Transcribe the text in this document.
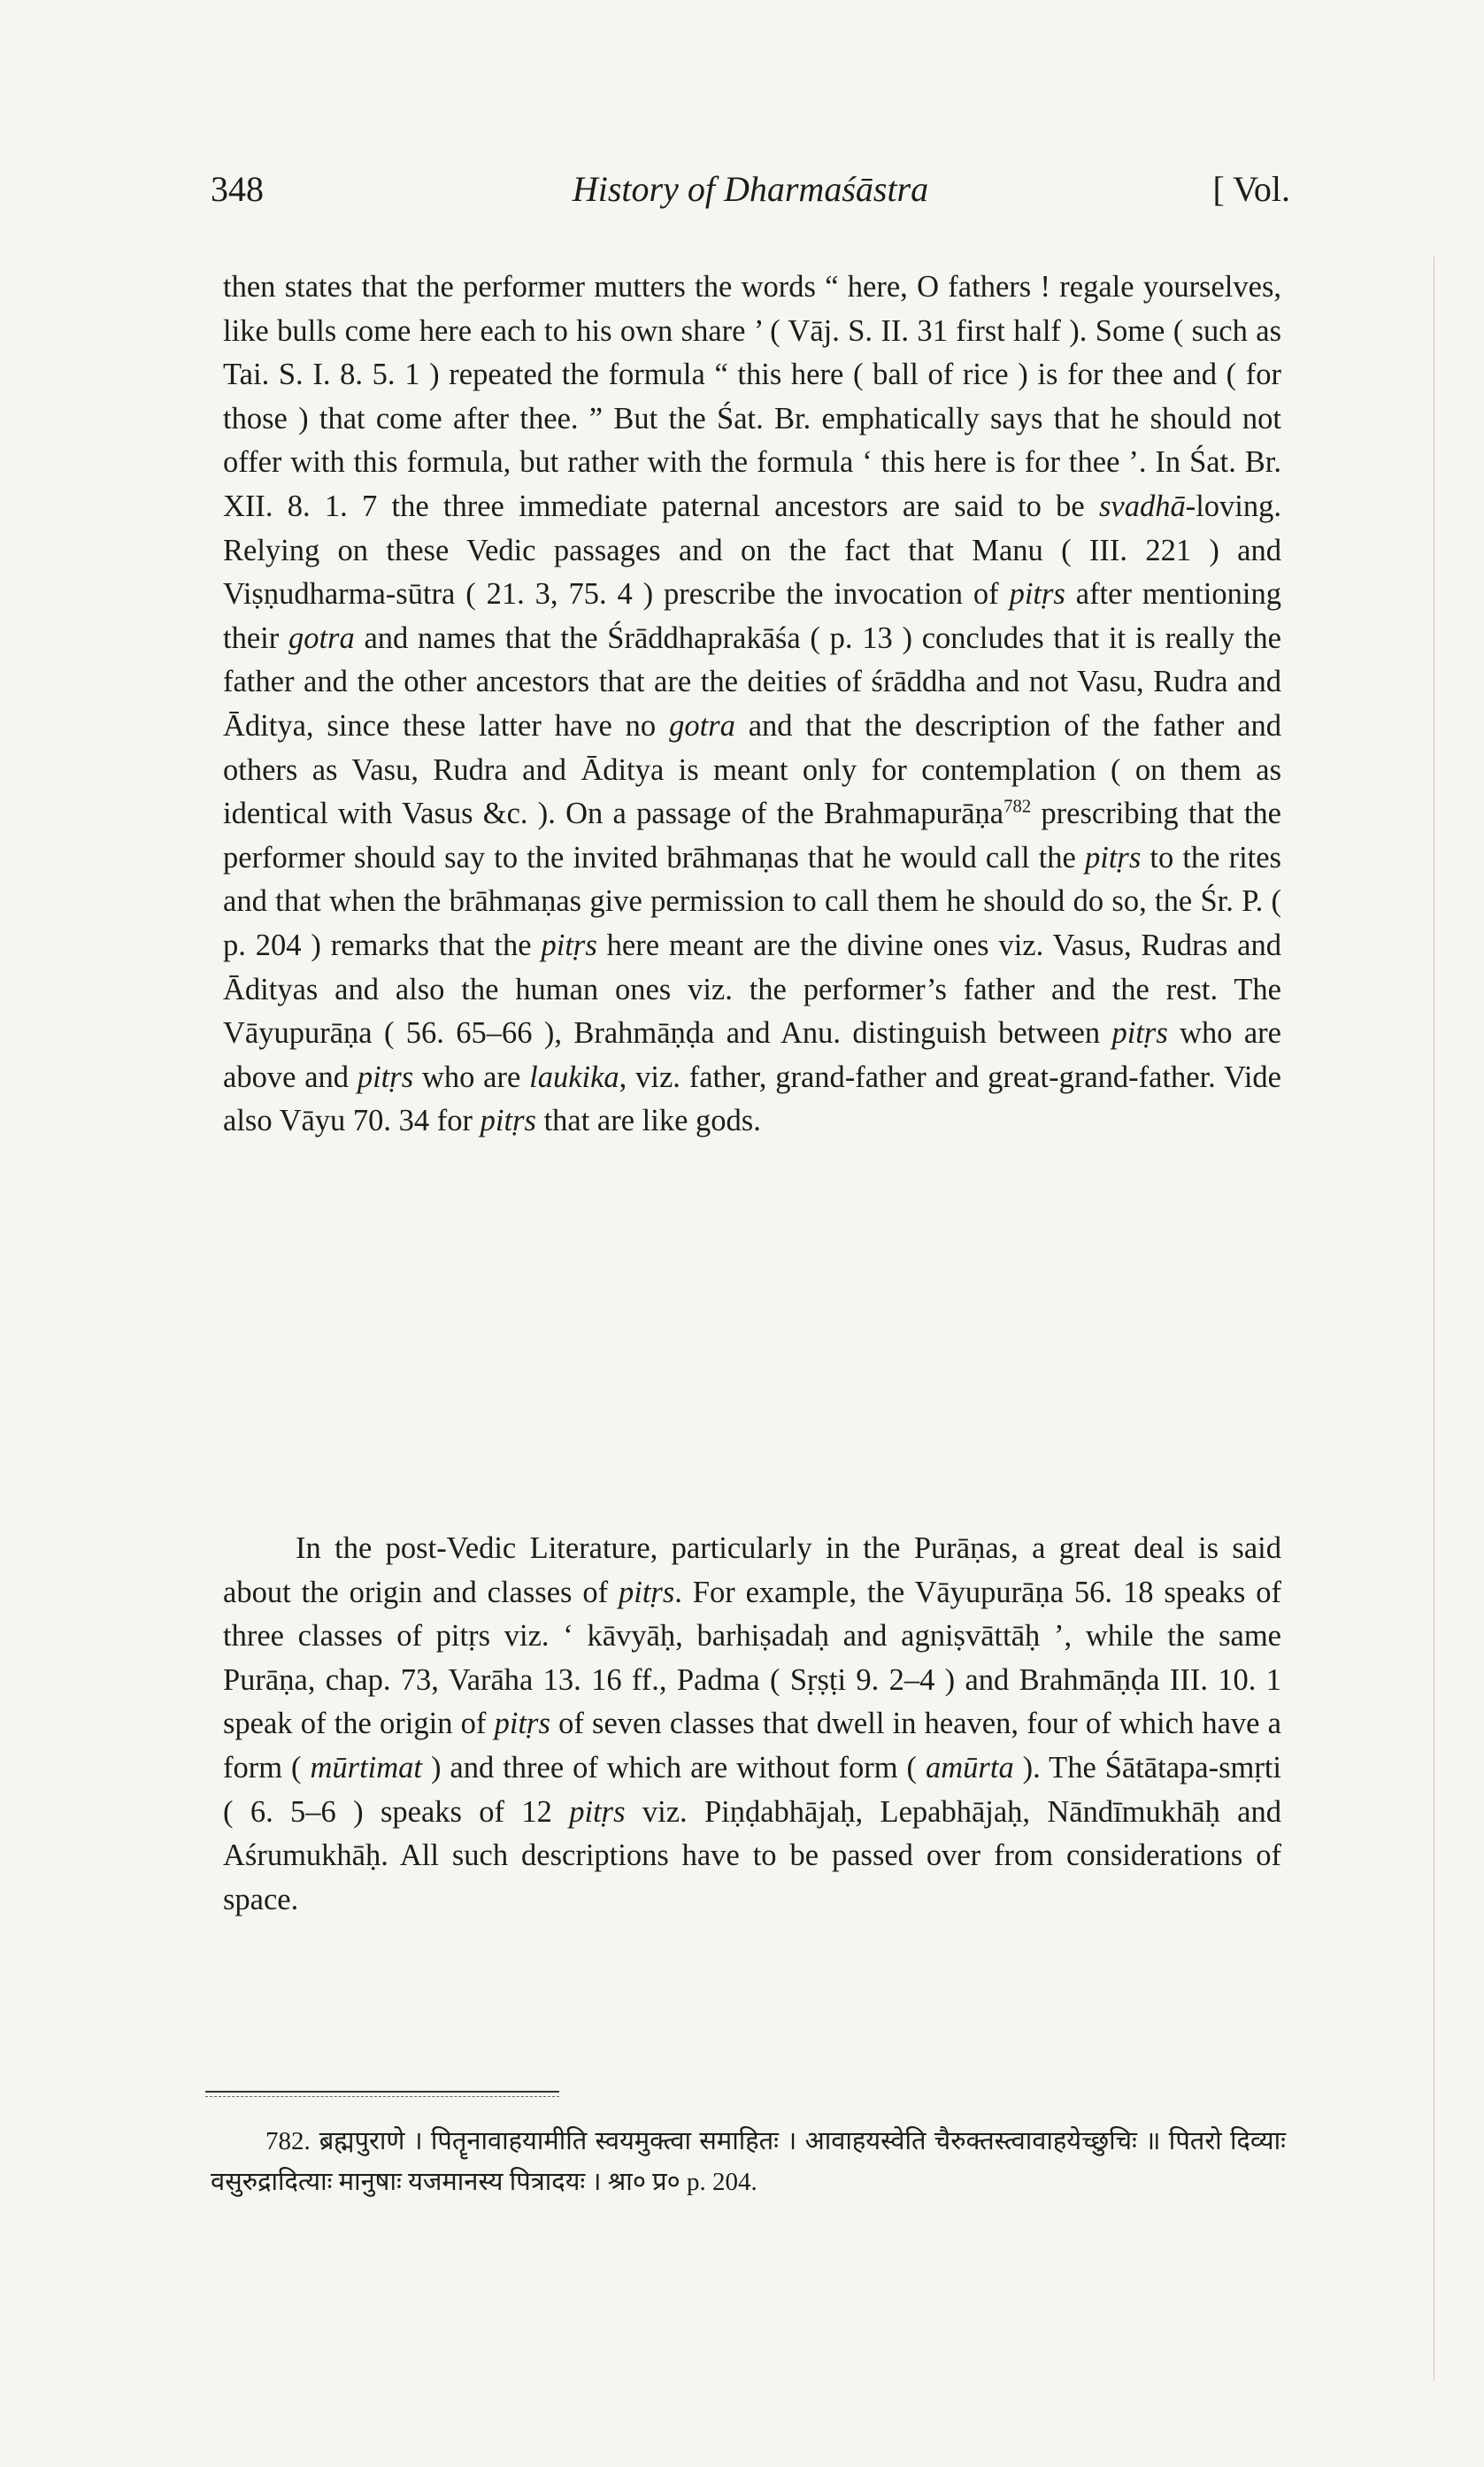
348	History of Dharmaśāstra	[ Vol.

then states that the performer mutters the words “ here, O fathers ! regale yourselves, like bulls come here each to his own share ’ ( Vāj. S. II. 31 first half ). Some ( such as Tai. S. I. 8. 5. 1 ) repeated the formula “ this here ( ball of rice ) is for thee and ( for those ) that come after thee. ” But the Śat. Br. emphatically says that he should not offer with this formula, but rather with the formula ‘ this here is for thee ’. In Śat. Br. XII. 8. 1. 7 the three immediate paternal ancestors are said to be svadhā-loving. Relying on these Vedic passages and on the fact that Manu ( III. 221 ) and Viṣṇudharma-sūtra ( 21. 3, 75. 4 ) prescribe the invocation of pitṛs after mentioning their gotra and names that the Śrāddhaprakāśa ( p. 13 ) concludes that it is really the father and the other ancestors that are the deities of śrāddha and not Vasu, Rudra and Āditya, since these latter have no gotra and that the description of the father and others as Vasu, Rudra and Āditya is meant only for contemplation ( on them as identical with Vasus &c. ). On a passage of the Brahmapurāṇa$^{782}$ prescribing that the performer should say to the invited brāhmaṇas that he would call the pitṛs to the rites and that when the brāhmaṇas give permission to call them he should do so, the Śr. P. ( p. 204 ) remarks that the pitṛs here meant are the divine ones viz. Vasus, Rudras and Ādityas and also the human ones viz. the performer’s father and the rest. The Vāyupurāṇa ( 56. 65–66 ), Brahmāṇḍa and Anu. distinguish between pitṛs who are above and pitṛs who are laukika, viz. father, grand-father and great-grand-father. Vide also Vāyu 70. 34 for pitṛs that are like gods.

In the post-Vedic Literature, particularly in the Purāṇas, a great deal is said about the origin and classes of pitṛs. For example, the Vāyupurāṇa 56. 18 speaks of three classes of pitṛs viz. ‘ kāvyāḥ, barhiṣadaḥ and agniṣvāttāḥ ’, while the same Purāṇa, chap. 73, Varāha 13. 16 ff., Padma ( Sṛṣṭi 9. 2–4 ) and Brahmāṇḍa III. 10. 1 speak of the origin of pitṛs of seven classes that dwell in heaven, four of which have a form ( mūrtimat ) and three of which are without form ( amūrta ). The Śātātapa-smṛti ( 6. 5–6 ) speaks of 12 pitṛs viz. Piṇḍabhājaḥ, Lepabhājaḥ, Nāndīmukhāḥ and Aśrumukhāḥ. All such descriptions have to be passed over from considerations of space.

782. ब्रह्मपुराणे । पितॄनावाहयामीति स्वयमुक्त्वा समाहितः । आवाहयस्वेति चैरुक्तस्त्वावाहयेच्छुचिः ॥ पितरो दिव्याः वसुरुद्रादित्याः मानुषाः यजमानस्य पित्रादयः । श्रा० प्र० p. 204.
